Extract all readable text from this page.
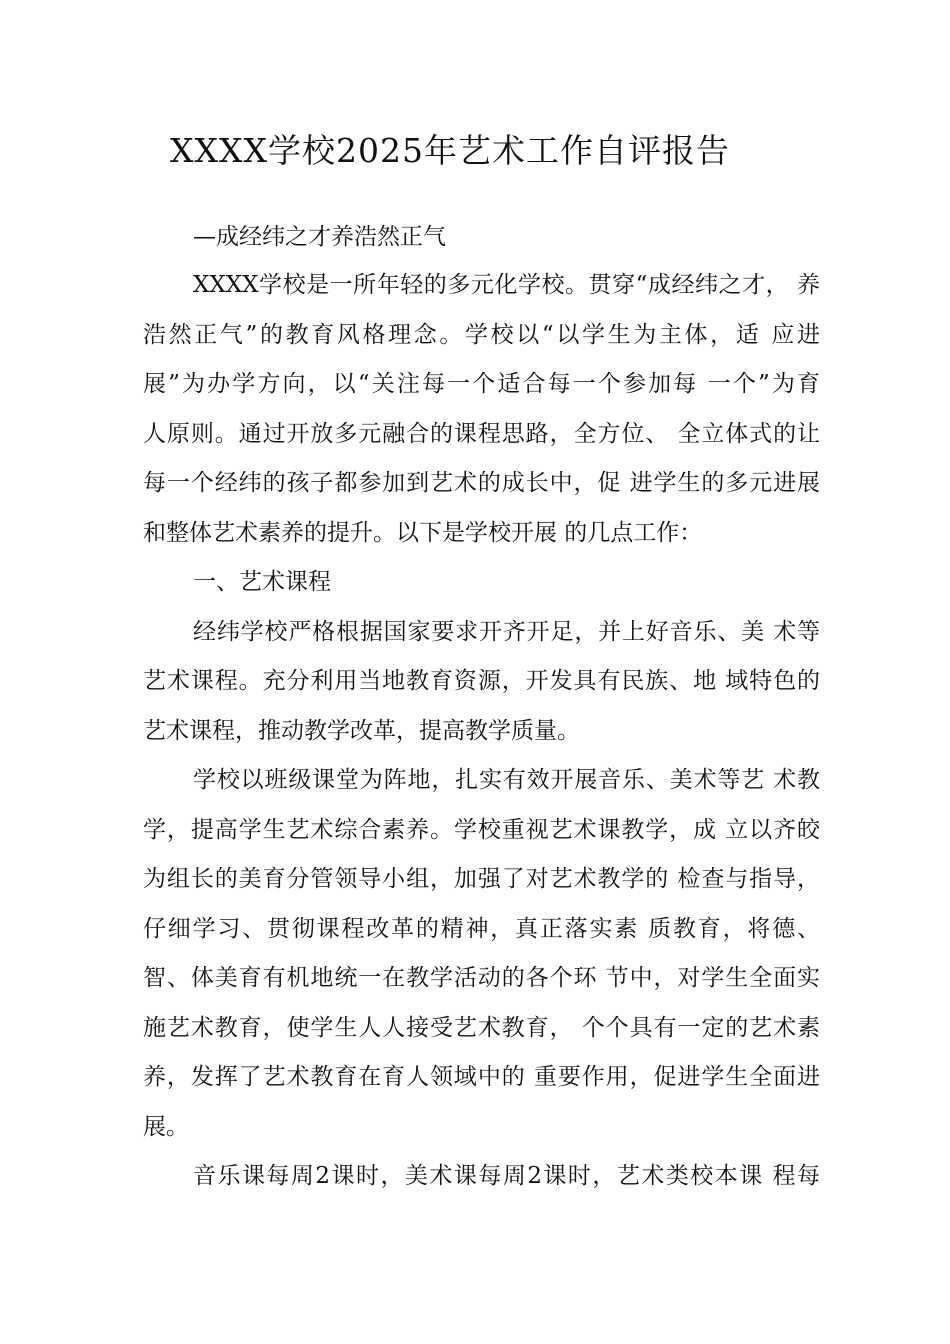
XXXX学校2025年艺术工作自评报告
—成经纬之才养浩然正气
XXXX学校是一所年轻的多元化学校。贯穿“成经纬之才， 养
浩然正气”的教育风格理念。学校以“以学生为主体，适 应进
展”为办学方向，以“关注每一个适合每一个参加每 一个”为育
人原则。通过开放多元融合的课程思路，全方位、 全立体式的让
每一个经纬的孩子都参加到艺术的成长中，促 进学生的多元进展
和整体艺术素养的提升。以下是学校开展 的几点工作：
一、艺术课程
经纬学校严格根据国家要求开齐开足，并上好音乐、美 术等
艺术课程。充分利用当地教育资源，开发具有民族、地 域特色的
艺术课程，推动教学改革，提高教学质量。
学校以班级课堂为阵地，扎实有效开展音乐、美术等艺 术教
学，提高学生艺术综合素养。学校重视艺术课教学，成 立以齐皎
为组长的美育分管领导小组，加强了对艺术教学的 检查与指导，
仔细学习、贯彻课程改革的精神，真正落实素 质教育，将德、
智、体美育有机地统一在教学活动的各个环 节中，对学生全面实
施艺术教育，使学生人人接受艺术教育， 个个具有一定的艺术素
养，发挥了艺术教育在育人领域中的 重要作用，促进学生全面进
展。
音乐课每周2课时，美术课每周2课时，艺术类校本课 程每
